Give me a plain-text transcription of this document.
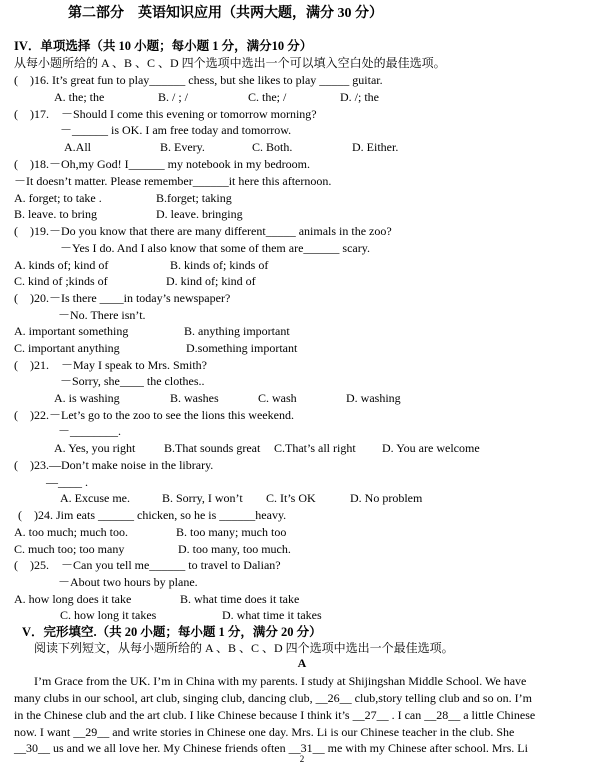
第二部分　英语知识应用（共两大题，满分 30 分）
IV．单项选择（共 10 小题；每小题 1 分，满分10 分）
从每小题所给的 A 、B 、C 、D 四个选项中选出一个可以填入空白处的最佳选项。
(　)16. It’s great fun to play______ chess, but she likes to play _____ guitar.
A. the; the	B. / ; /	C. the; /	D. /; the
(　)17.　－Should I come this evening or tomorrow morning?
－______ is OK. I am free today and tomorrow.
A.All	B. Every.	C. Both.	D. Either.
(　)18.－Oh,my God! I______ my notebook in my bedroom.
－It doesn’t matter. Please remember______it here this afternoon.
A. forget; to take .	B.forget; taking
B. leave. to bring	D. leave. bringing
(　)19.－Do you know that there are many different_____ animals in the zoo?
－Yes I do. And I also know that some of them are______ scary.
A. kinds of; kind of	B. kinds of; kinds of
C. kind of ;kinds of	D. kind of; kind of
(　)20.－Is there ____in today’s newspaper?
－No. There isn’t.
A. important something	B. anything important
C. important anything	D.something important
(　)21.　－May I speak to Mrs. Smith?
－Sorry, she____ the clothes..
A. is washing	B. washes	C. wash	D. washing
(　)22.－Let’s go to the zoo to see the lions this weekend.
－________.
A. Yes, you right B.That sounds great C.That’s all right D. You are welcome
(　)23.—Don’t make noise in the library.
—____ .
A. Excuse me.	B. Sorry, I won’t C. It’s OK	D. No problem
(　)24. Jim eats ______ chicken, so he is ______heavy.
A. too much; much too.	B. too many; much too
C. much too; too many	D. too many, too much.
(　)25.　－Can you tell me______ to travel to Dalian?
－About two hours by plane.
A. how long does it take	B. what time does it take
C. how long it takes	D. what time it takes
V．完形填空.（共 20 小题；每小题 1 分，满分 20 分）
阅读下列短文，从每小题所给的 A 、B 、C 、D 四个选项中选出一个最佳选项。
A
I’m Grace from the UK. I’m in China with my parents. I study at Shijingshan Middle School. We have
many clubs in our school, art club, singing club, dancing club, __26__ club,story telling club and so on. I’m
in the Chinese club and the art club. I like Chinese because I think it’s __27__ . I can __28__ a little Chinese
now. I want __29__ and write stories in Chinese one day. Mrs. Li is our Chinese teacher in the club. She
__30__ us and we all love her. My Chinese friends often __31__ me with my Chinese after school. Mrs. Li
2
